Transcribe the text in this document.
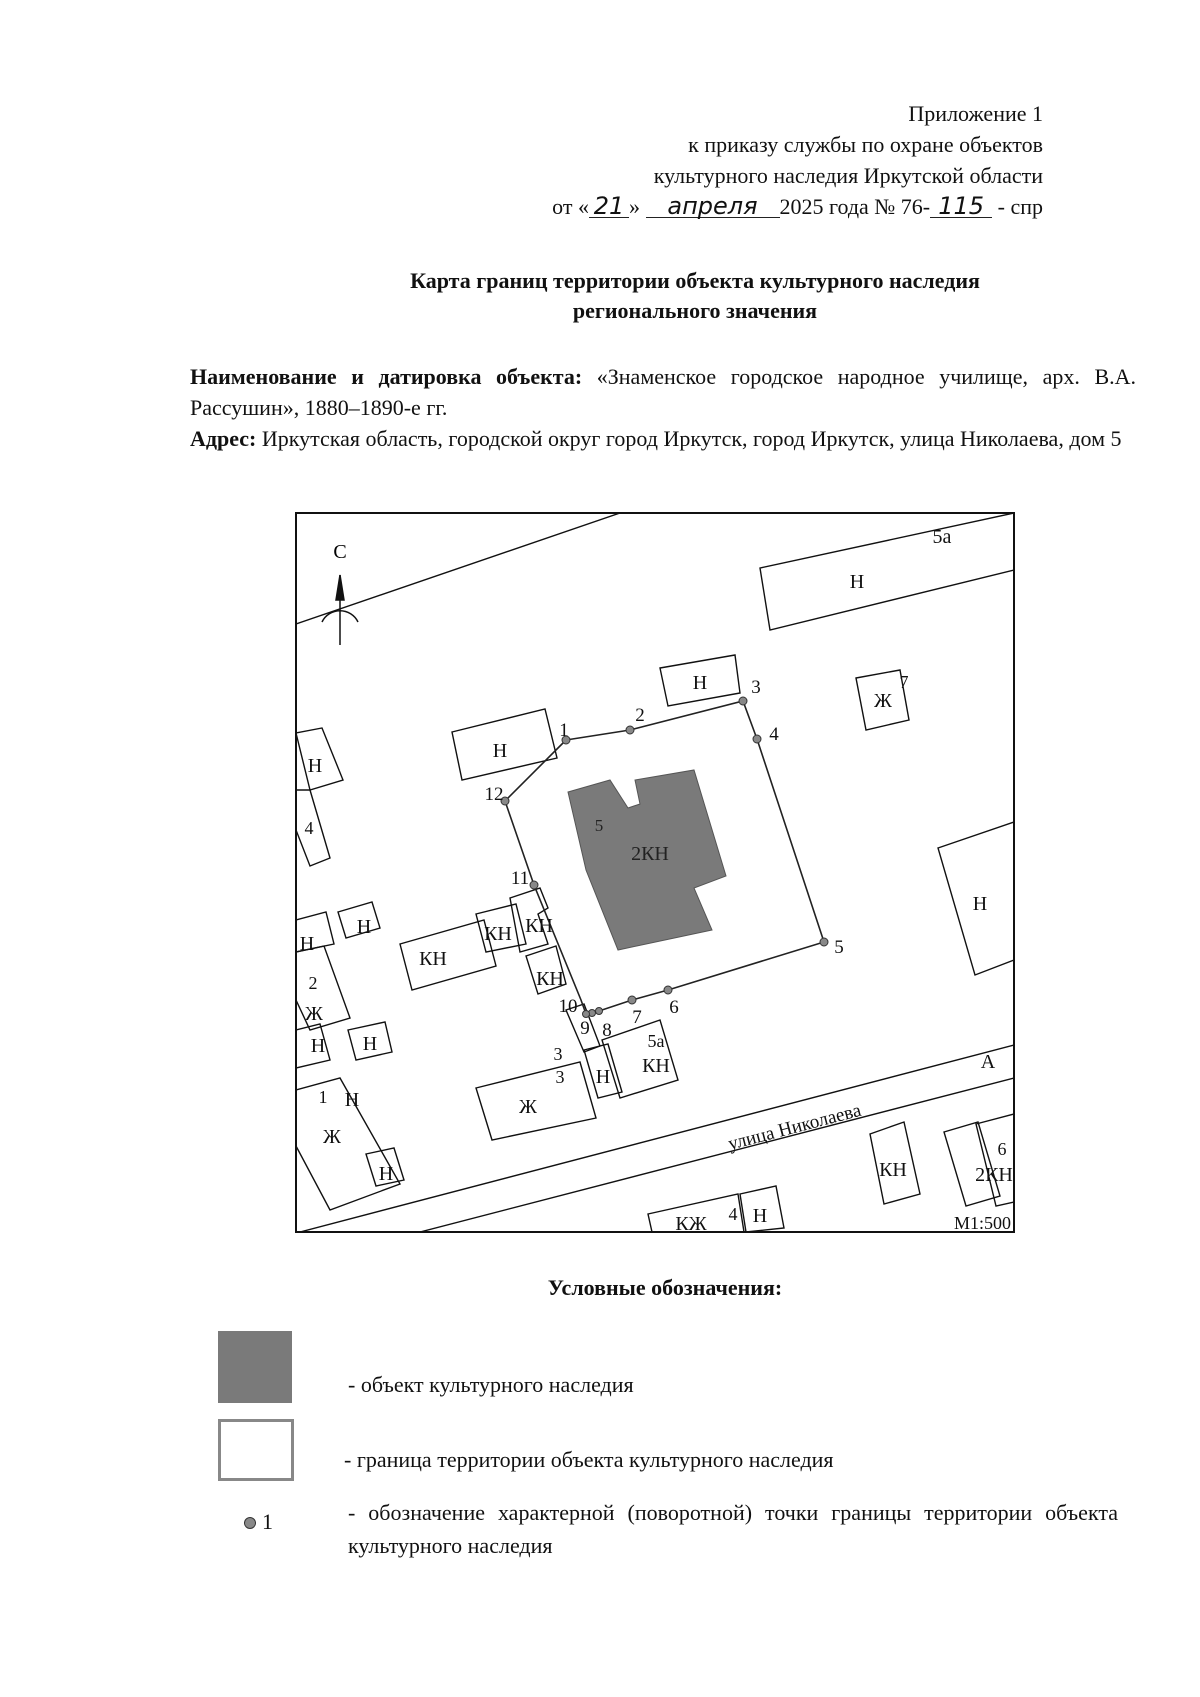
Приложение 1
к приказу службы по охране объектов
культурного наследия Иркутской области
от « 21 » апреля 2025 года № 76- 115 - спр
Карта границ территории объекта культурного наследия
регионального значения
Наименование и датировка объекта: «Знаменское городское народное училище, арх. В.А. Рассушин», 1880–1890-е гг.
Адрес: Иркутская область, городской округ город Иркутск, город Иркутск, улица Николаева, дом 5
С
5а
Н
Н
Ж
7
Н
Н
4
Н
Н
Н
2
Ж
Н Н
1 Н
Ж
Н
КН
КН КН
КН
3
Н
5а
КН
Ж
3
КН
6
2КН
КЖ 4 Н
2КН
5
1
2
3
4
5
6
7
8
9
10
11
12
улица Николаева
А
М1:500
Условные обозначения:
- объект культурного наследия
- граница территории объекта культурного наследия
1	- обозначение характерной (поворотной) точки границы территории объекта культурного наследия
